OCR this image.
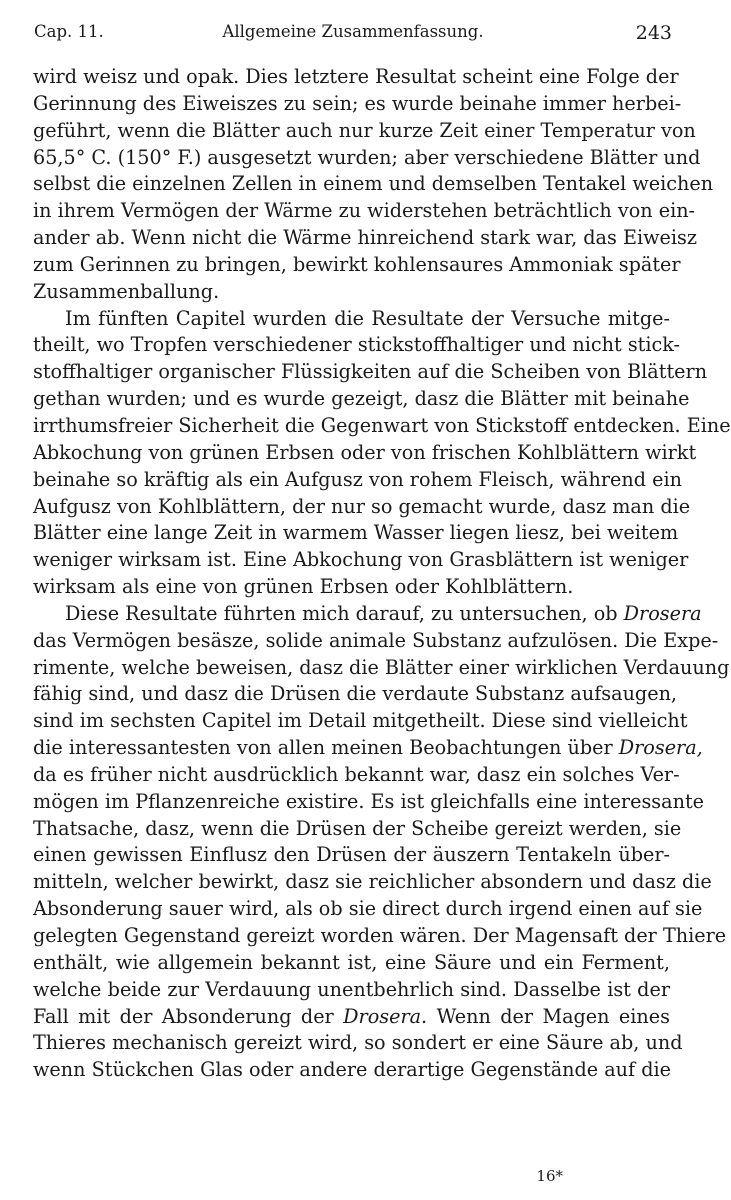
Cap. 11.	Allgemeine Zusammenfassung.	243
wird weisz und opak. Dies letztere Resultat scheint eine Folge der
Gerinnung des Eiweiszes zu sein; es wurde beinahe immer herbei-
geführt, wenn die Blätter auch nur kurze Zeit einer Temperatur von
65,5° C. (150° F.) ausgesetzt wurden; aber verschiedene Blätter und
selbst die einzelnen Zellen in einem und demselben Tentakel weichen
in ihrem Vermögen der Wärme zu widerstehen beträchtlich von ein-
ander ab. Wenn nicht die Wärme hinreichend stark war, das Eiweisz
zum Gerinnen zu bringen, bewirkt kohlensaures Ammoniak später
Zusammenballung.
Im fünften Capitel wurden die Resultate der Versuche mitge-
theilt, wo Tropfen verschiedener stickstoffhaltiger und nicht stick-
stoffhaltiger organischer Flüssigkeiten auf die Scheiben von Blättern
gethan wurden; und es wurde gezeigt, dasz die Blätter mit beinahe
irrthumsfreier Sicherheit die Gegenwart von Stickstoff entdecken. Eine
Abkochung von grünen Erbsen oder von frischen Kohlblättern wirkt
beinahe so kräftig als ein Aufgusz von rohem Fleisch, während ein
Aufgusz von Kohlblättern, der nur so gemacht wurde, dasz man die
Blätter eine lange Zeit in warmem Wasser liegen liesz, bei weitem
weniger wirksam ist. Eine Abkochung von Grasblättern ist weniger
wirksam als eine von grünen Erbsen oder Kohlblättern.
Diese Resultate führten mich darauf, zu untersuchen, ob Drosera
das Vermögen besäsze, solide animale Substanz aufzulösen. Die Expe-
rimente, welche beweisen, dasz die Blätter einer wirklichen Verdauung
fähig sind, und dasz die Drüsen die verdaute Substanz aufsaugen,
sind im sechsten Capitel im Detail mitgetheilt. Diese sind vielleicht
die interessantesten von allen meinen Beobachtungen über Drosera,
da es früher nicht ausdrücklich bekannt war, dasz ein solches Ver-
mögen im Pflanzenreiche existire. Es ist gleichfalls eine interessante
Thatsache, dasz, wenn die Drüsen der Scheibe gereizt werden, sie
einen gewissen Einflusz den Drüsen der äuszern Tentakeln über-
mitteln, welcher bewirkt, dasz sie reichlicher absondern und dasz die
Absonderung sauer wird, als ob sie direct durch irgend einen auf sie
gelegten Gegenstand gereizt worden wären. Der Magensaft der Thiere
enthält, wie allgemein bekannt ist, eine Säure und ein Ferment,
welche beide zur Verdauung unentbehrlich sind. Dasselbe ist der
Fall mit der Absonderung der Drosera. Wenn der Magen eines
Thieres mechanisch gereizt wird, so sondert er eine Säure ab, und
wenn Stückchen Glas oder andere derartige Gegenstände auf die
16*
